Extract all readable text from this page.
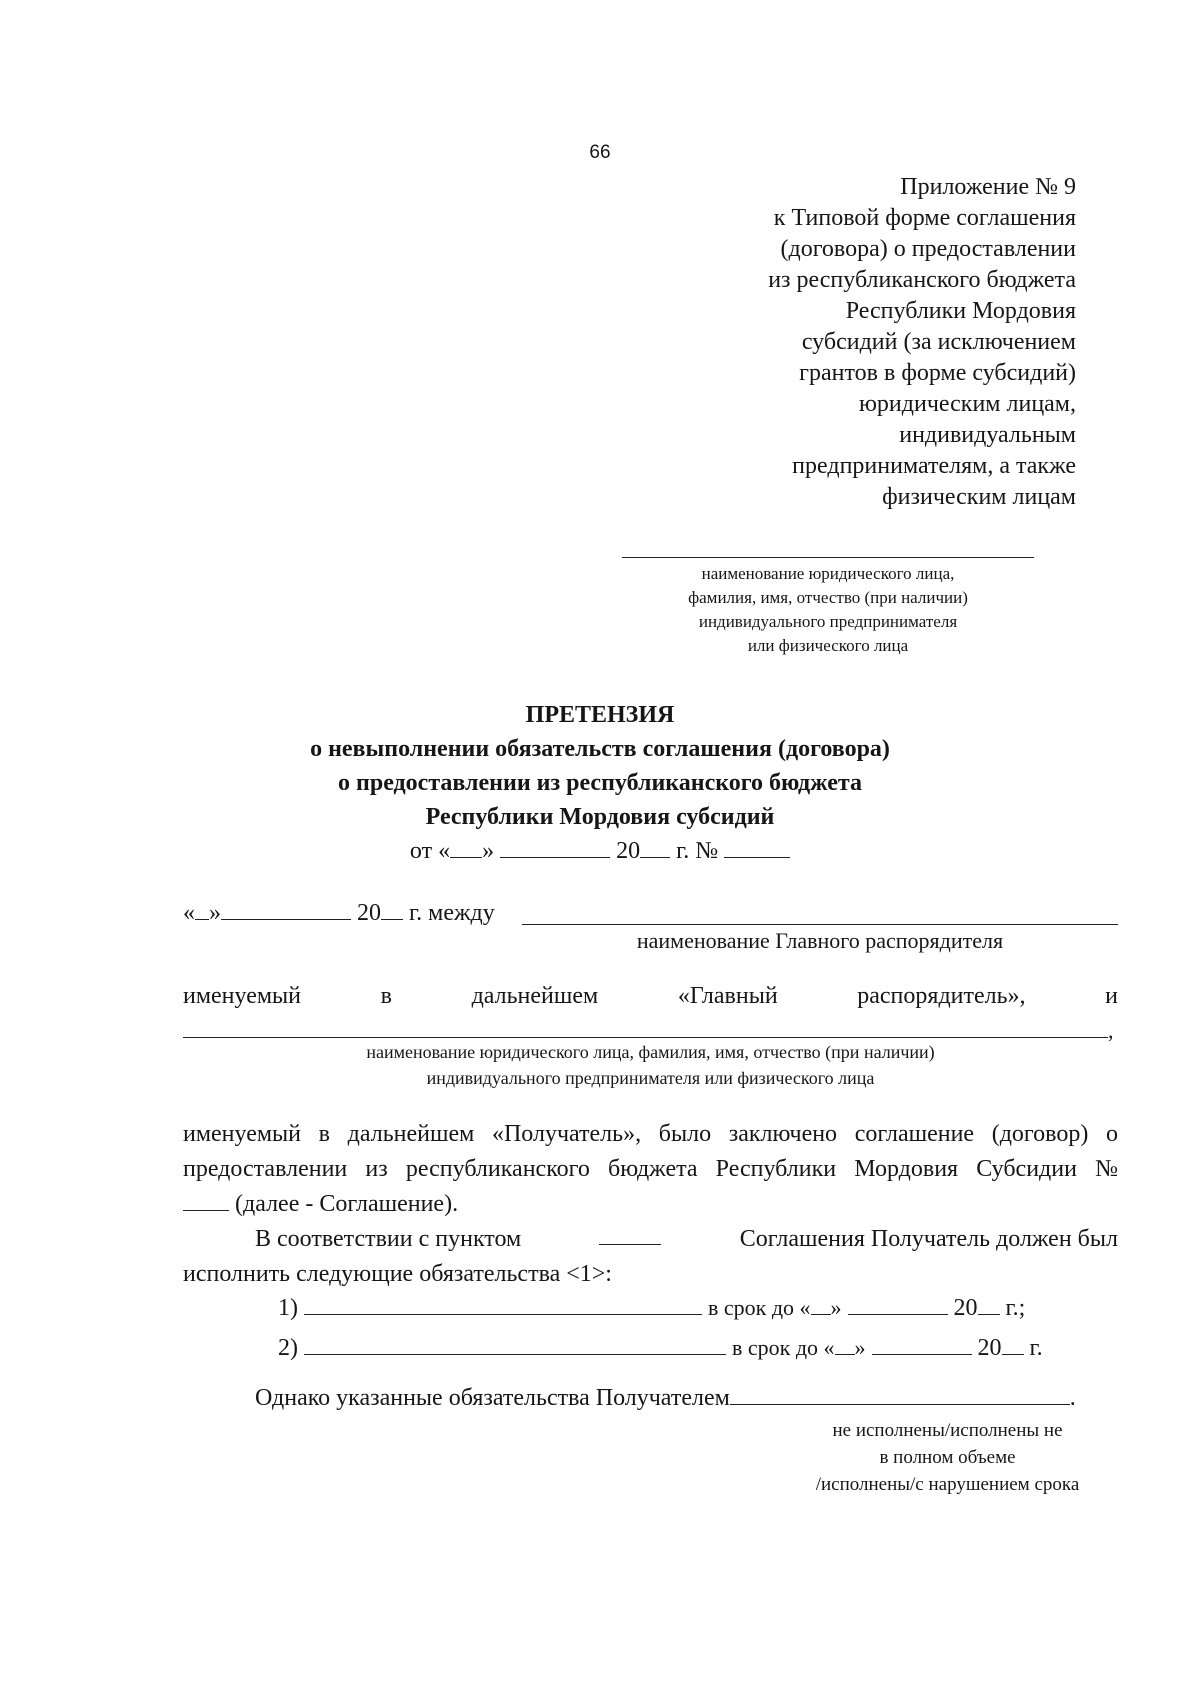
66
Приложение № 9
к Типовой форме соглашения
(договора) о предоставлении
из республиканского бюджета
Республики Мордовия
субсидий (за исключением
грантов в форме субсидий)
юридическим лицам,
индивидуальным
предпринимателям, а также
физическим лицам
наименование юридического лица,
фамилия, имя, отчество (при наличии)
индивидуального предпринимателя
или физического лица
ПРЕТЕНЗИЯ
о невыполнении обязательств соглашения (договора)
о предоставлении из республиканского бюджета
Республики Мордовия субсидий
от « »	20 г. №
« »	20 г. между
наименование Главного распорядителя
именуемый	в	дальнейшем	«Главный	распорядитель»,	и
,
наименование юридического лица, фамилия, имя, отчество (при наличии)
индивидуального предпринимателя или физического лица
именуемый в дальнейшем «Получатель», было заключено соглашение (договор) о
предоставлении из республиканского бюджета Республики Мордовия Субсидии №
(далее - Соглашение).
В соответствии с пунктом	Соглашения Получатель должен был
исполнить следующие обязательства <1>:
1)	в срок до « »	20 г.;
2)	в срок до « »	20 г.
Однако указанные обязательства Получателем	.
не исполнены/исполнены не
в полном объеме
/исполнены/с нарушением срока
